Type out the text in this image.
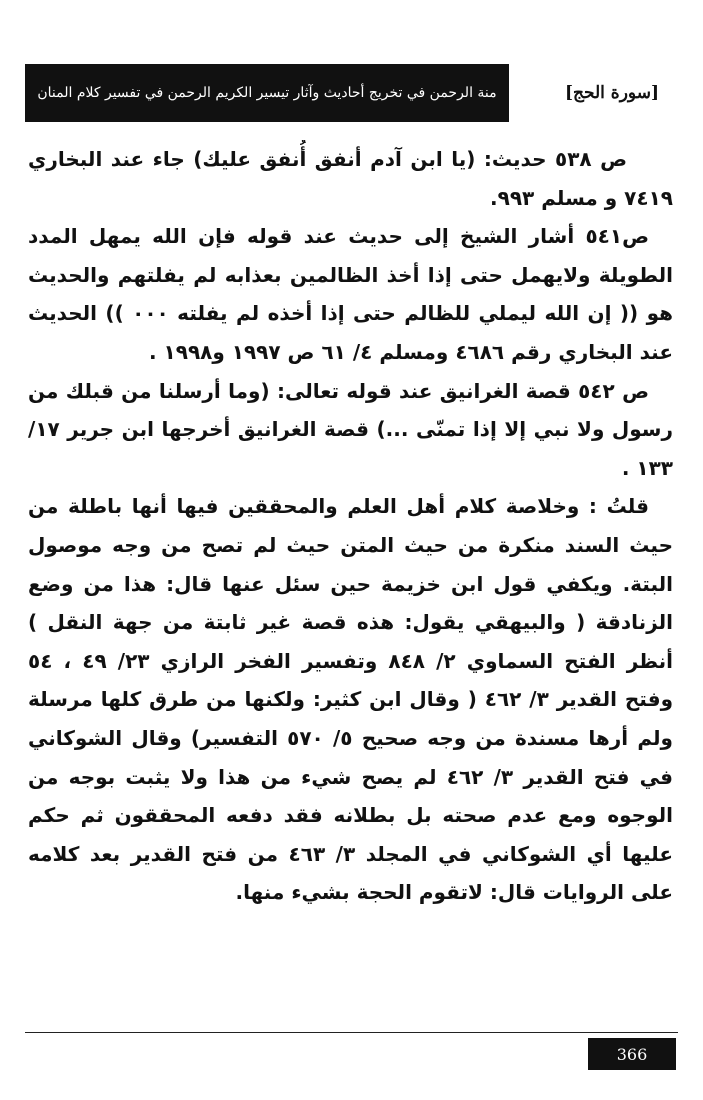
[سورة الحج]
منة الرحمن في تخريج أحاديث وآثار تيسير الكريم الرحمن في تفسير كلام المنان

ص ٥٣٨ حديث: (يا ابن آدم أنفق أُنفق عليك) جاء عند البخاري ٧٤١٩ و مسلم ٩٩٣.

ص٥٤١ أشار الشيخ إلى حديث عند قوله فإن الله يمهل المدد الطويلة ولايهمل حتى إذا أخذ الظالمين بعذابه لم يفلتهم والحديث هو (( إن الله ليملي للظالم حتى إذا أخذه لم يفلته ٠٠٠ )) الحديث عند البخاري رقم ٤٦٨٦ ومسلم ٤/ ٦١ ص ١٩٩٧ و١٩٩٨ .

ص ٥٤٢ قصة الغرانيق عند قوله تعالى: (وما أرسلنا من قبلك من رسول ولا نبي إلا إذا تمنّى ...) قصة الغرانيق أخرجها ابن جرير ١٧/ ١٣٣ .

قلتُ : وخلاصة كلام أهل العلم والمحققين فيها أنها باطلة من حيث السند منكرة من حيث المتن حيث لم تصح من وجه موصول البتة. ويكفي قول ابن خزيمة حين سئل عنها قال: هذا من وضع الزنادقة ( والبيهقي يقول: هذه قصة غير ثابتة من جهة النقل ) أنظر الفتح السماوي ٢/ ٨٤٨ وتفسير الفخر الرازي ٢٣/ ٤٩ ، ٥٤ وفتح القدير ٣/ ٤٦٢ ( وقال ابن كثير: ولكنها من طرق كلها مرسلة ولم أرها مسندة من وجه صحيح ٥/ ٥٧٠ التفسير) وقال الشوكاني في فتح القدير ٣/ ٤٦٢ لم يصح شيء من هذا ولا يثبت بوجه من الوجوه ومع عدم صحته بل بطلانه فقد دفعه المحققون ثم حكم عليها أي الشوكاني في المجلد ٣/ ٤٦٣ من فتح القدير بعد كلامه على الروايات قال: لاتقوم الحجة بشيء منها.

366
